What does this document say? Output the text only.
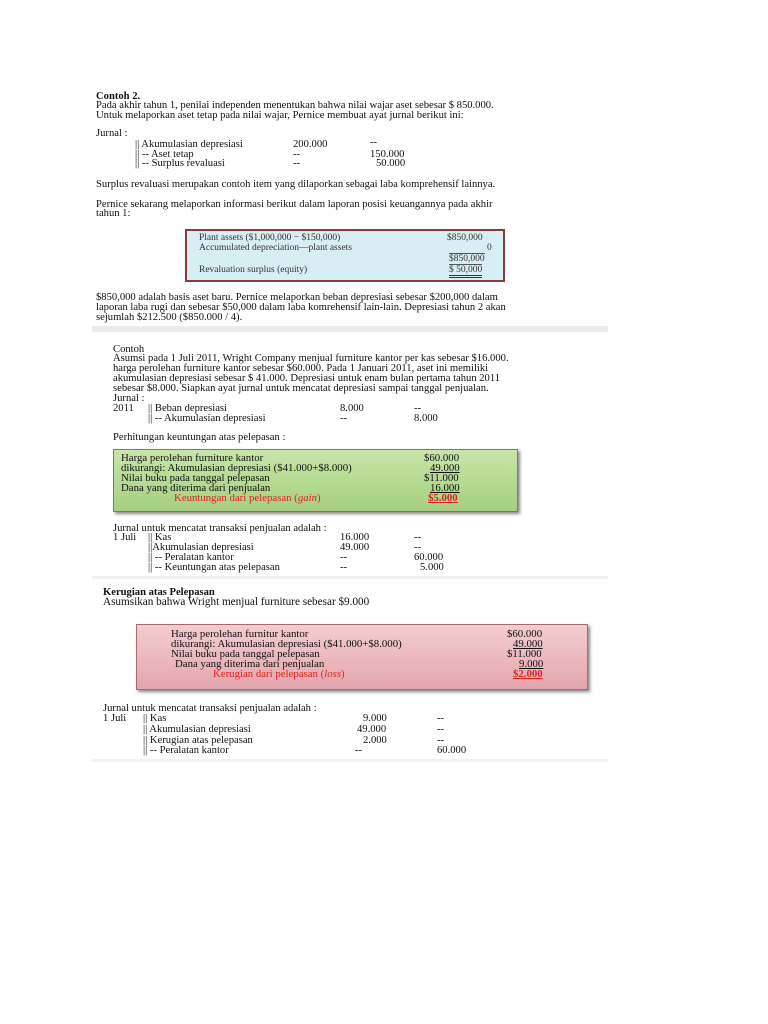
Contoh 2.
Pada akhir tahun 1, penilai independen menentukan bahwa nilai wajar aset sebesar $ 850.000.
Untuk melaporkan aset tetap pada nilai wajar, Pernice membuat ayat jurnal berikut ini:
Jurnal :
|| Akumulasian depresiasi	200.000	--
|| -- Aset tetap	--	150.000
|| -- Surplus revaluasi	--	50.000
Surplus revaluasi merupakan contoh item yang dilaporkan sebagai laba komprehensif lainnya.
Pernice sekarang melaporkan informasi berikut dalam laporan posisi keuangannya pada akhir
tahun 1:
Plant assets ($1,000,000 − $150,000)	$850,000
Accumulated depreciation—plant assets	0
$850,000
Revaluation surplus (equity)	$ 50,000
$850,000 adalah basis aset baru. Pernice melaporkan beban depresiasi sebesar $200,000 dalam
laporan laba rugi dan sebesar $50,000 dalam laba komrehensif lain-lain. Depresiasi tahun 2 akan
sejumlah $212.500 ($850.000 / 4).
Contoh
Asumsi pada 1 Juli 2011, Wright Company menjual furniture kantor per kas sebesar $16.000.
harga perolehan furniture kantor sebesar $60.000. Pada 1 Januari 2011, aset ini memiliki
akumulasian depresiasi sebesar $ 41.000. Depresiasi untuk enam bulan pertama tahun 2011
sebesar $8.000. Siapkan ayat jurnal untuk mencatat depresiasi sampai tanggal penjualan.
Jurnal :
2011 || Beban depresiasi	8.000	--
|| -- Akumulasian depresiasi	--	8.000
Perhitungan keuntungan atas pelepasan :
Harga perolehan furniture kantor	$60.000
dikurangi: Akumulasian depresiasi ($41.000+$8.000)	49.000
Nilai buku pada tanggal pelepasan	$11.000
Dana yang diterima dari penjualan	16.000
Keuntungan dari pelepasan (gain)	$5.000
Jurnal untuk mencatat transaksi penjualan adalah :
1 Juli || Kas	16.000	--
||Akumulasian depresiasi	49.000	--
|| -- Peralatan kantor	--	60.000
|| -- Keuntungan atas pelepasan	--	5.000
Kerugian atas Pelepasan
Asumsikan bahwa Wright menjual furniture sebesar $9.000
Harga perolehan furnitur kantor	$60.000
dikurangi: Akumulasian depresiasi ($41.000+$8.000)	49.000
Nilai buku pada tanggal pelepasan	$11.000
Dana yang diterima dari penjualan	9.000
Kerugian dari pelepasan (loss)	$2.000
Jurnal untuk mencatat transaksi penjualan adalah :
1 Juli || Kas	9.000	--
|| Akumulasian depresiasi	49.000	--
|| Kerugian atas pelepasan	2.000	--
|| -- Peralatan kantor	--	60.000
